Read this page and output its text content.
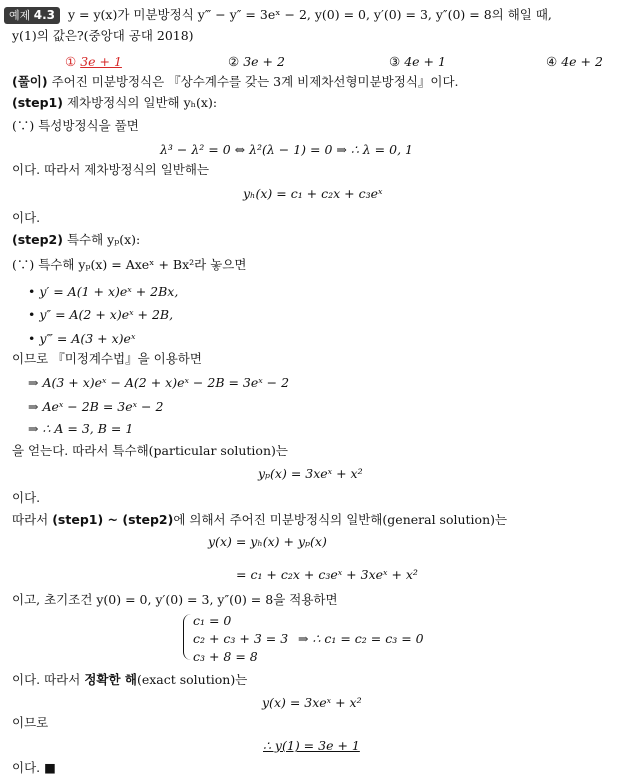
예제 4.3	y = y(x)가 미분방정식 y‴ − y″ = 3eˣ − 2, y(0) = 0, y′(0) = 3, y″(0) = 8의 해일 때,
y(1)의 값은?(중앙대 공대 2018)
① 3e + 1	② 3e + 2	③ 4e + 1	④ 4e + 2
(풀이) 주어진 미분방정식은 『상수계수를 갖는 3계 비제차선형미분방정식』이다.
(step1) 제차방정식의 일반해 yₕ(x):
(∵) 특성방정식을 풀면
λ³ − λ² = 0 ⇔ λ²(λ − 1) = 0 ⇒ ∴ λ = 0, 1
이다. 따라서 제차방정식의 일반해는
yₕ(x) = c₁ + c₂x + c₃eˣ
이다.
(step2) 특수해 yₚ(x):
(∵) 특수해 yₚ(x) = Axeˣ + Bx²라 놓으면
• y′ = A(1 + x)eˣ + 2Bx,
• y″ = A(2 + x)eˣ + 2B,
• y‴ = A(3 + x)eˣ
이므로 『미정계수법』을 이용하면
⇒ A(3 + x)eˣ − A(2 + x)eˣ − 2B = 3eˣ − 2
⇒ Aeˣ − 2B = 3eˣ − 2
⇒ ∴ A = 3, B = 1
을 얻는다. 따라서 특수해(particular solution)는
yₚ(x) = 3xeˣ + x²
이다.
따라서 (step1) ~ (step2)에 의해서 주어진 미분방정식의 일반해(general solution)는
y(x) = yₕ(x) + yₚ(x)
= c₁ + c₂x + c₃eˣ + 3xeˣ + x²
이고, 초기조건 y(0) = 0, y′(0) = 3, y″(0) = 8을 적용하면
c₁ = 0
c₂ + c₃ + 3 = 3
c₃ + 8 = 8
⇒ ∴ c₁ = c₂ = c₃ = 0
이다. 따라서 정확한 해(exact solution)는
y(x) = 3xeˣ + x²
이므로
∴ y(1) = 3e + 1
이다. ■
